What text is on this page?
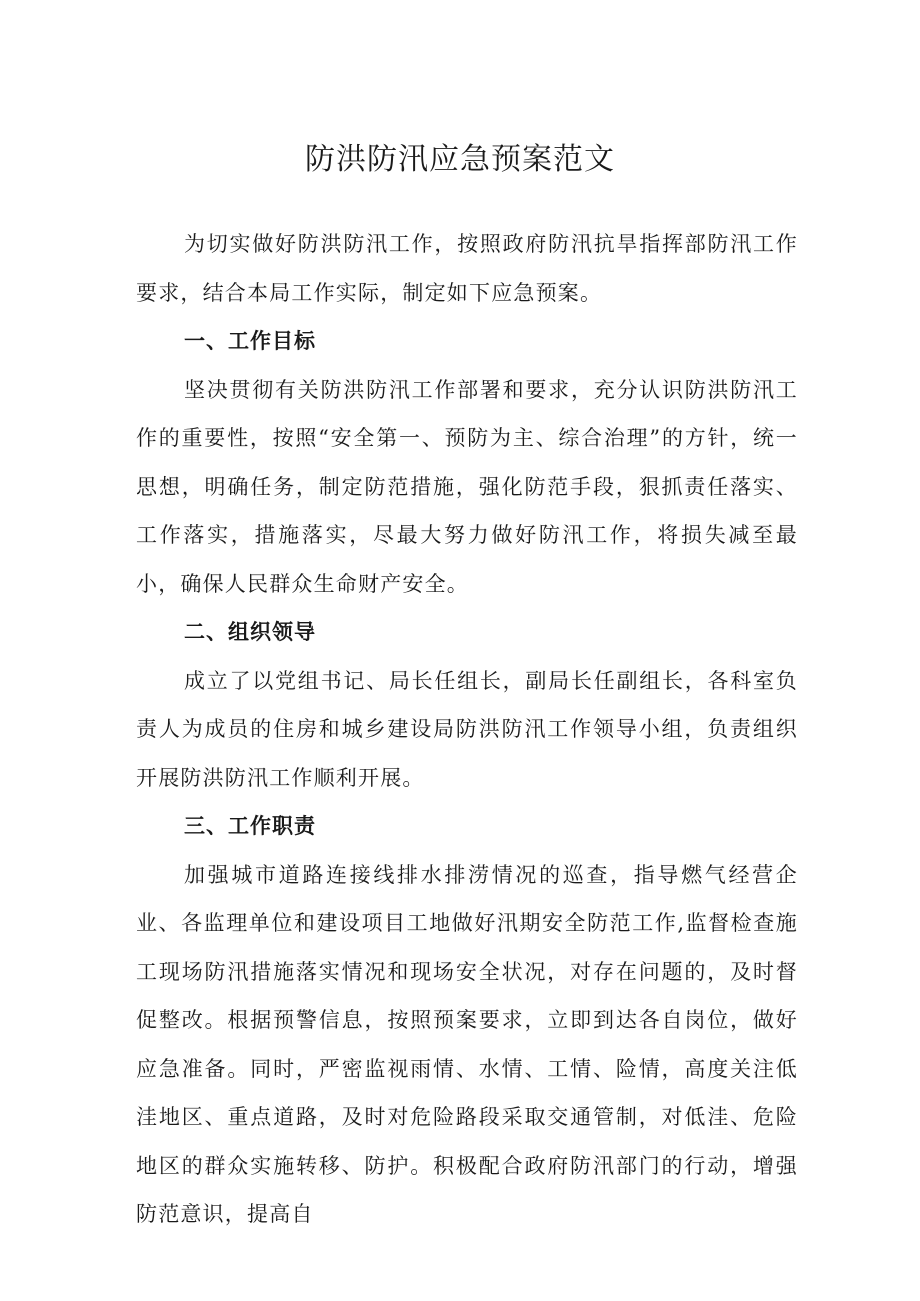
防洪防汛应急预案范文

为切实做好防洪防汛工作，按照政府防汛抗旱指挥部防汛工作要求，结合本局工作实际，制定如下应急预案。

一、工作目标

坚决贯彻有关防洪防汛工作部署和要求，充分认识防洪防汛工作的重要性，按照“安全第一、预防为主、综合治理”的方针，统一思想，明确任务，制定防范措施，强化防范手段，狠抓责任落实、工作落实，措施落实，尽最大努力做好防汛工作，将损失减至最小，确保人民群众生命财产安全。

二、组织领导

成立了以党组书记、局长任组长，副局长任副组长，各科室负责人为成员的住房和城乡建设局防洪防汛工作领导小组，负责组织开展防洪防汛工作顺利开展。

三、工作职责

加强城市道路连接线排水排涝情况的巡查，指导燃气经营企业、各监理单位和建设项目工地做好汛期安全防范工作,监督检查施工现场防汛措施落实情况和现场安全状况，对存在问题的，及时督促整改。根据预警信息，按照预案要求，立即到达各自岗位，做好应急准备。同时，严密监视雨情、水情、工情、险情，高度关注低洼地区、重点道路，及时对危险路段采取交通管制，对低洼、危险地区的群众实施转移、防护。积极配合政府防汛部门的行动，增强防范意识，提高自
